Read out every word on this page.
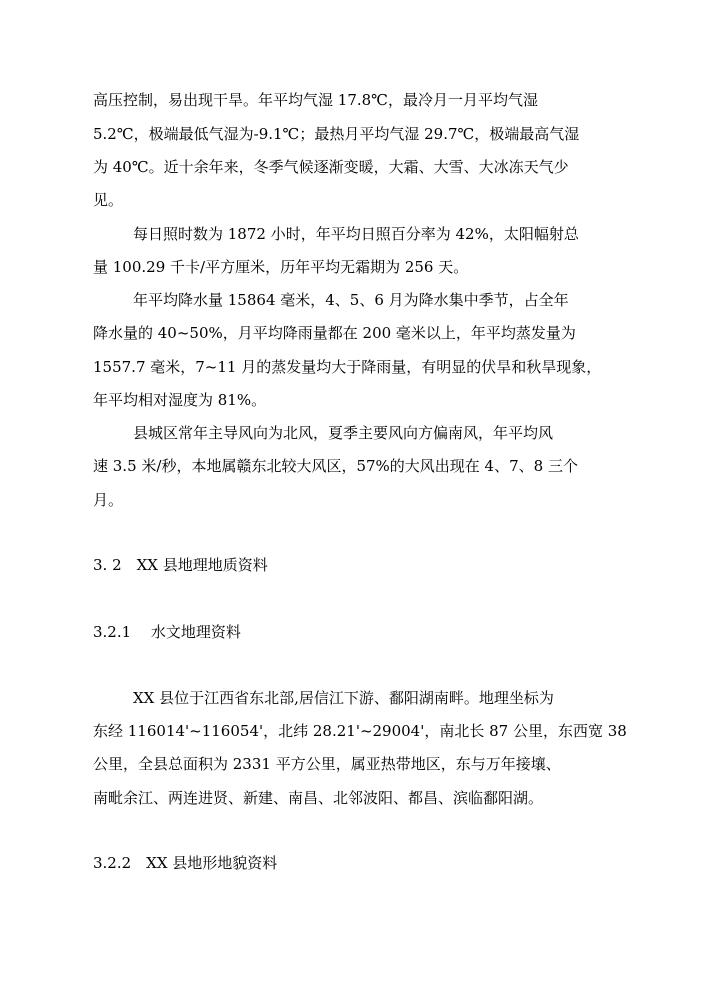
高压控制，易出现干旱。年平均气湿 17.8℃，最冷月一月平均气湿
5.2℃，极端最低气湿为-9.1℃；最热月平均气湿 29.7℃，极端最高气湿
为 40℃。近十余年来，冬季气候逐渐变暖，大霜、大雪、大冰冻天气少
见。
每日照时数为 1872 小时，年平均日照百分率为 42%，太阳幅射总
量 100.29 千卡/平方厘米，历年平均无霜期为 256 天。
年平均降水量 15864 毫米，4、5、6 月为降水集中季节，占全年
降水量的 40~50%，月平均降雨量都在 200 毫米以上，年平均蒸发量为
1557.7 毫米，7~11 月的蒸发量均大于降雨量，有明显的伏旱和秋旱现象，
年平均相对湿度为 81%。
县城区常年主导风向为北风，夏季主要风向方偏南风，年平均风
速 3.5 米/秒，本地属赣东北较大风区，57%的大风出现在 4、7、8 三个
月。
3. 2　XX 县地理地质资料
3.2.1　 水文地理资料
XX 县位于江西省东北部,居信江下游、鄱阳湖南畔。地理坐标为
东经 116014'~116054'，北纬 28.21'~29004'，南北长 87 公里，东西宽 38
公里，全县总面积为 2331 平方公里，属亚热带地区，东与万年接壤、
南毗余江、两连进贤、新建、南昌、北邻波阳、都昌、滨临鄱阳湖。
3.2.2　XX 县地形地貌资料
